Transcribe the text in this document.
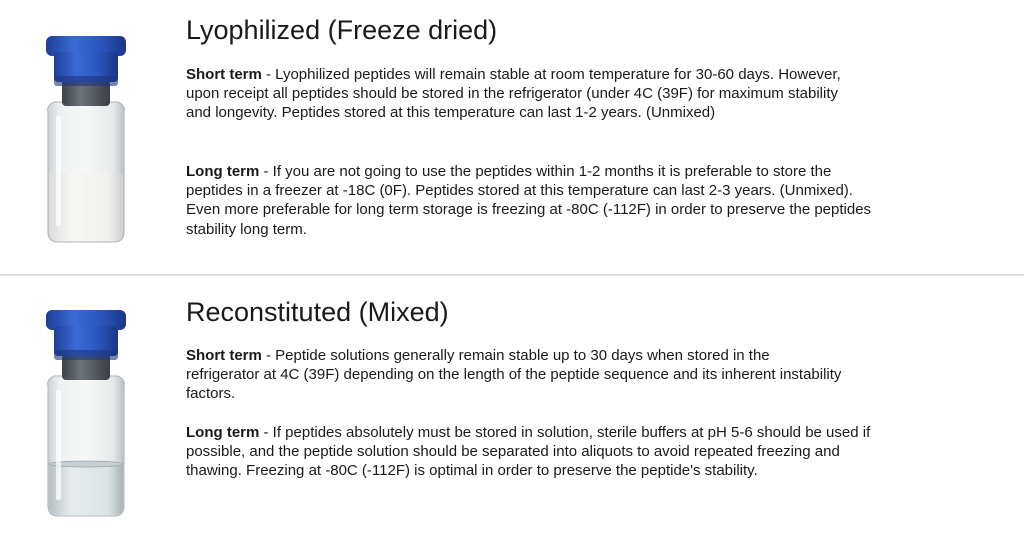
Lyophilized (Freeze dried)

Short term - Lyophilized peptides will remain stable at room temperature for 30-60 days. However, upon receipt all peptides should be stored in the refrigerator (under 4C (39F) for maximum stability and longevity. Peptides stored at this temperature can last 1-2 years. (Unmixed)

Long term - If you are not going to use the peptides within 1-2 months it is preferable to store the peptides in a freezer at -18C (0F). Peptides stored at this temperature can last 2-3 years. (Unmixed). Even more preferable for long term storage is freezing at -80C (-112F) in order to preserve the peptides stability long term.

Reconstituted (Mixed)

Short term - Peptide solutions generally remain stable up to 30 days when stored in the refrigerator at 4C (39F) depending on the length of the peptide sequence and its inherent instability factors.

Long term - If peptides absolutely must be stored in solution, sterile buffers at pH 5-6 should be used if possible, and the peptide solution should be separated into aliquots to avoid repeated freezing and thawing. Freezing at -80C (-112F) is optimal in order to preserve the peptide's stability.
